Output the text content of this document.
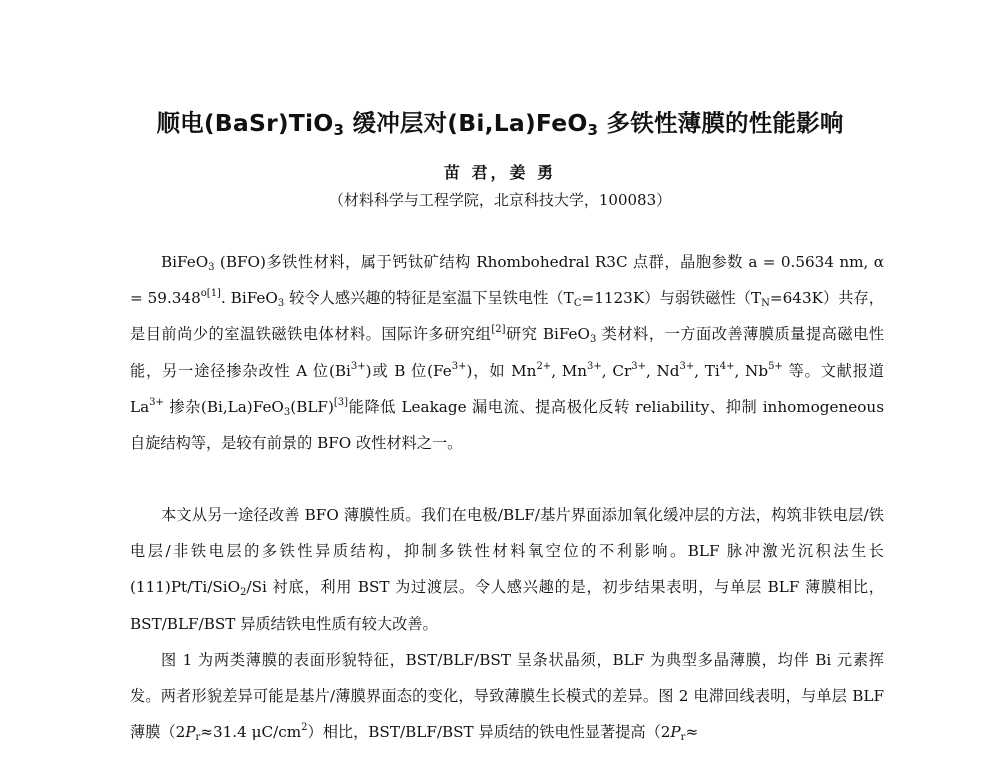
顺电(BaSr)TiO$_3$ 缓冲层对(Bi,La)FeO$_3$ 多铁性薄膜的性能影响
苗 君，姜 勇
（材料科学与工程学院，北京科技大学，100083）
BiFeO$_3$ (BFO)多铁性材料，属于钙钛矿结构 Rhombohedral R3C 点群，晶胞参数 a = 0.5634 nm, $\alpha = 59.348^{o[1]}$. BiFeO$_3$ 较令人感兴趣的特征是室温下呈铁电性$(T_C=1123K)$与弱铁磁性$(T_N=643K)$共存，是目前尚少的室温铁磁铁电体材料。国际许多研究组[2]研究 BiFeO$_3$ 类材料，一方面改善薄膜质量提高磁电性能，另一途径掺杂改性 A 位$(Bi^{3+})$或 B 位$(Fe^{3+})$，如 $Mn^{2+}$, $Mn^{3+}$, $Cr^{3+}$, $Nd^{3+}$, $Ti^{4+}$, $Nb^{5+}$ 等。文献报道 $La^{3+}$ 掺杂(Bi,La)FeO$_3$(BLF)[3]能降低 Leakage 漏电流、提高极化反转 reliability、抑制 inhomogeneous 自旋结构等，是较有前景的 BFO 改性材料之一。
本文从另一途径改善 BFO 薄膜性质。我们在电极/BLF/基片界面添加氧化缓冲层的方法，构筑非铁电层/铁电层/非铁电层的多铁性异质结构，抑制多铁性材料氧空位的不利影响。BLF 脉冲激光沉积法生长(111)Pt/Ti/SiO$_2$/Si 衬底，利用 BST 为过渡层。令人感兴趣的是，初步结果表明，与单层 BLF 薄膜相比，BST/BLF/BST 异质结铁电性质有较大改善。
图 1 为两类薄膜的表面形貌特征，BST/BLF/BST 呈条状晶须，BLF 为典型多晶薄膜，均伴 Bi 元素挥发。两者形貌差异可能是基片/薄膜界面态的变化，导致薄膜生长模式的差异。图 2 电滞回线表明，与单层 BLF 薄膜（$2P_r\approx 31.4$ $\mu C/cm^2$）相比，BST/BLF/BST 异质结的铁电性显著提高（$2P_r\approx$
